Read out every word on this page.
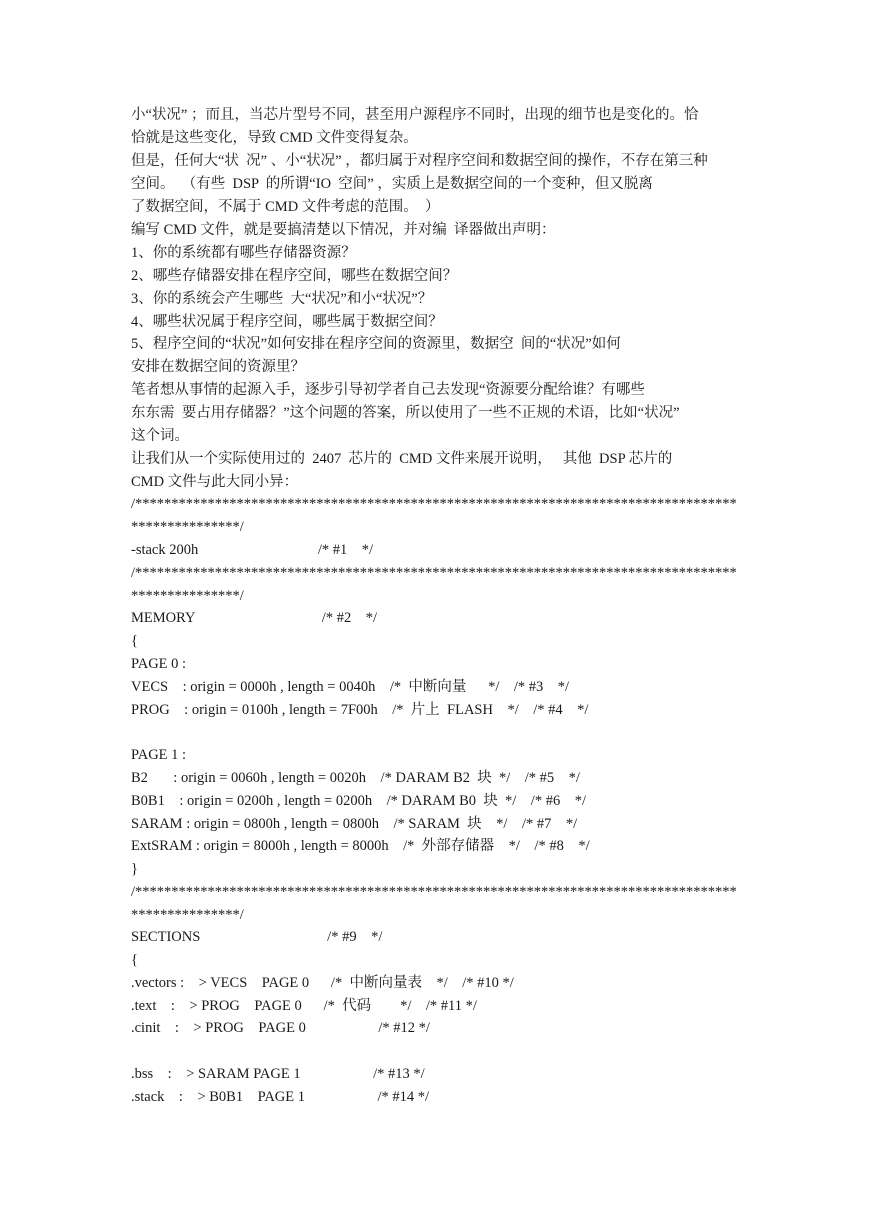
小“状况” ；而且，当芯片型号不同，甚至用户源程序不同时，出现的细节也是变化的。恰
恰就是这些变化，导致 CMD 文件变得复杂。
但是，任何大“状  况” 、小“状况” ，都归属于对程序空间和数据空间的操作，不存在第三种
空间。  （有些  DSP  的所谓“IO  空间” ，实质上是数据空间的一个变种，但又脱离
了数据空间，不属于 CMD 文件考虑的范围。  ）
编写 CMD 文件，就是要搞清楚以下情况，并对编  译器做出声明：
1、你的系统都有哪些存储器资源？
2、哪些存储器安排在程序空间，哪些在数据空间？
3、你的系统会产生哪些  大“状况”和小“状况”？
4、哪些状况属于程序空间，哪些属于数据空间？
5、程序空间的“状况”如何安排在程序空间的资源里，数据空  间的“状况”如何
安排在数据空间的资源里？
笔者想从事情的起源入手，逐步引导初学者自己去发现“资源要分配给谁？有哪些
东东需  要占用存储器？”这个问题的答案，所以使用了一些不正规的术语，比如“状况”
这个词。
让我们从一个实际使用过的  2407  芯片的  CMD 文件来展开说明，   其他  DSP 芯片的
CMD 文件与此大同小异：
/***********************************************************************************
***************/
-stack 200h                                 /* #1    */
/***********************************************************************************
***************/
MEMORY                                   /* #2    */
{
PAGE 0 :
VECS    : origin = 0000h , length = 0040h    /*  中断向量      */    /* #3    */
PROG    : origin = 0100h , length = 7F00h    /*  片上  FLASH    */    /* #4    */
PAGE 1 :
B2       : origin = 0060h , length = 0020h    /* DARAM B2  块  */    /* #5    */
B0B1    : origin = 0200h , length = 0200h    /* DARAM B0  块  */    /* #6    */
SARAM : origin = 0800h , length = 0800h    /* SARAM  块    */    /* #7    */
ExtSRAM : origin = 8000h , length = 8000h    /*  外部存储器    */    /* #8    */
}
/***********************************************************************************
***************/
SECTIONS                                   /* #9    */
{
.vectors :    > VECS    PAGE 0      /*  中断向量表    */    /* #10 */
.text    :    > PROG    PAGE 0      /*  代码        */    /* #11 */
.cinit    :    > PROG    PAGE 0                    /* #12 */
.bss    :    > SARAM PAGE 1                    /* #13 */
.stack    :    > B0B1    PAGE 1                    /* #14 */
